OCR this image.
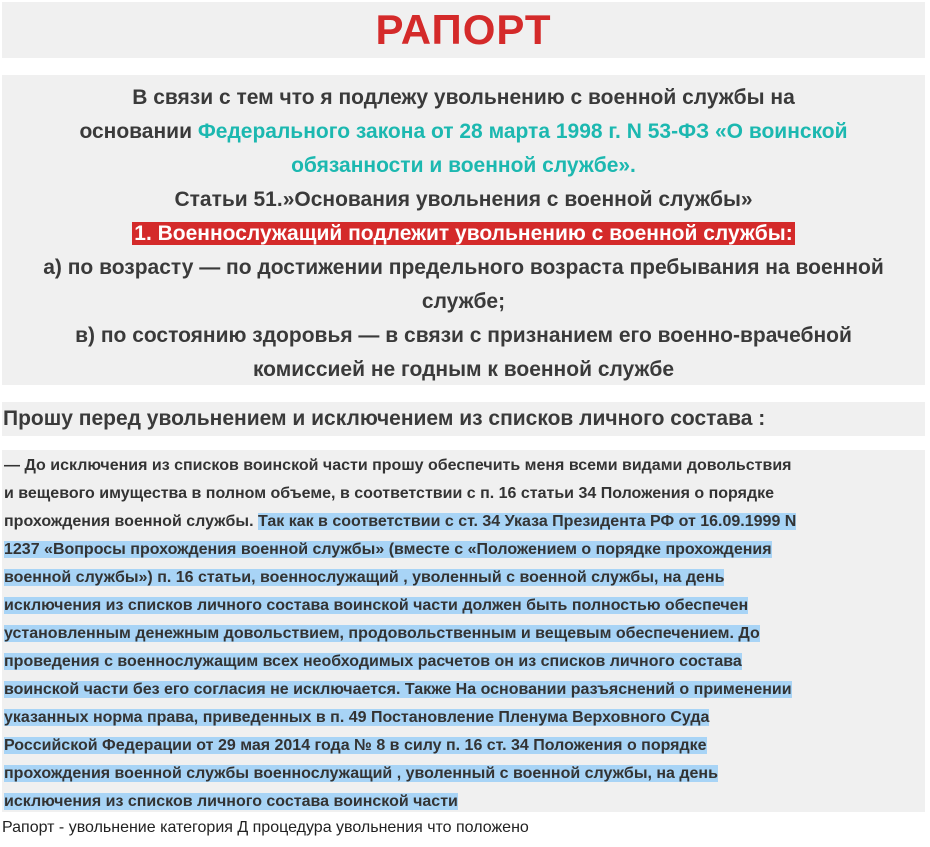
РАПОРТ
В связи с тем что я подлежу увольнению с военной службы на
основании Федерального закона от 28 марта 1998 г. N 53-ФЗ «О воинской
обязанности и военной службе».
Статьи 51.»Основания увольнения с военной службы»
1. Военнослужащий подлежит увольнению с военной службы:
а) по возрасту — по достижении предельного возраста пребывания на военной
службе;
в) по состоянию здоровья — в связи с признанием его военно-врачебной
комиссией не годным к военной службе
Прошу перед увольнением и исключением из списков личного состава :
— До исключения из списков воинской части прошу обеспечить меня всеми видами довольствия
и вещевого имущества в полном объеме, в соответствии с п. 16 статьи 34 Положения о порядке
прохождения военной службы. Так как в соответствии с ст. 34 Указа Президента РФ от 16.09.1999 N
1237 «Вопросы прохождения военной службы» (вместе с «Положением о порядке прохождения
военной службы») п. 16 статьи, военнослужащий , уволенный с военной службы, на день
исключения из списков личного состава воинской части должен быть полностью обеспечен
установленным денежным довольствием, продовольственным и вещевым обеспечением. До
проведения с военнослужащим всех необходимых расчетов он из списков личного состава
воинской части без его согласия не исключается. Также На основании разъяснений о применении
указанных норма права, приведенных в п. 49 Постановление Пленума Верховного Суда
Российской Федерации от 29 мая 2014 года № 8 в силу п. 16 ст. 34 Положения о порядке
прохождения военной службы военнослужащий , уволенный с военной службы, на день
исключения из списков личного состава воинской части
Рапорт - увольнение категория Д процедура увольнения что положено
